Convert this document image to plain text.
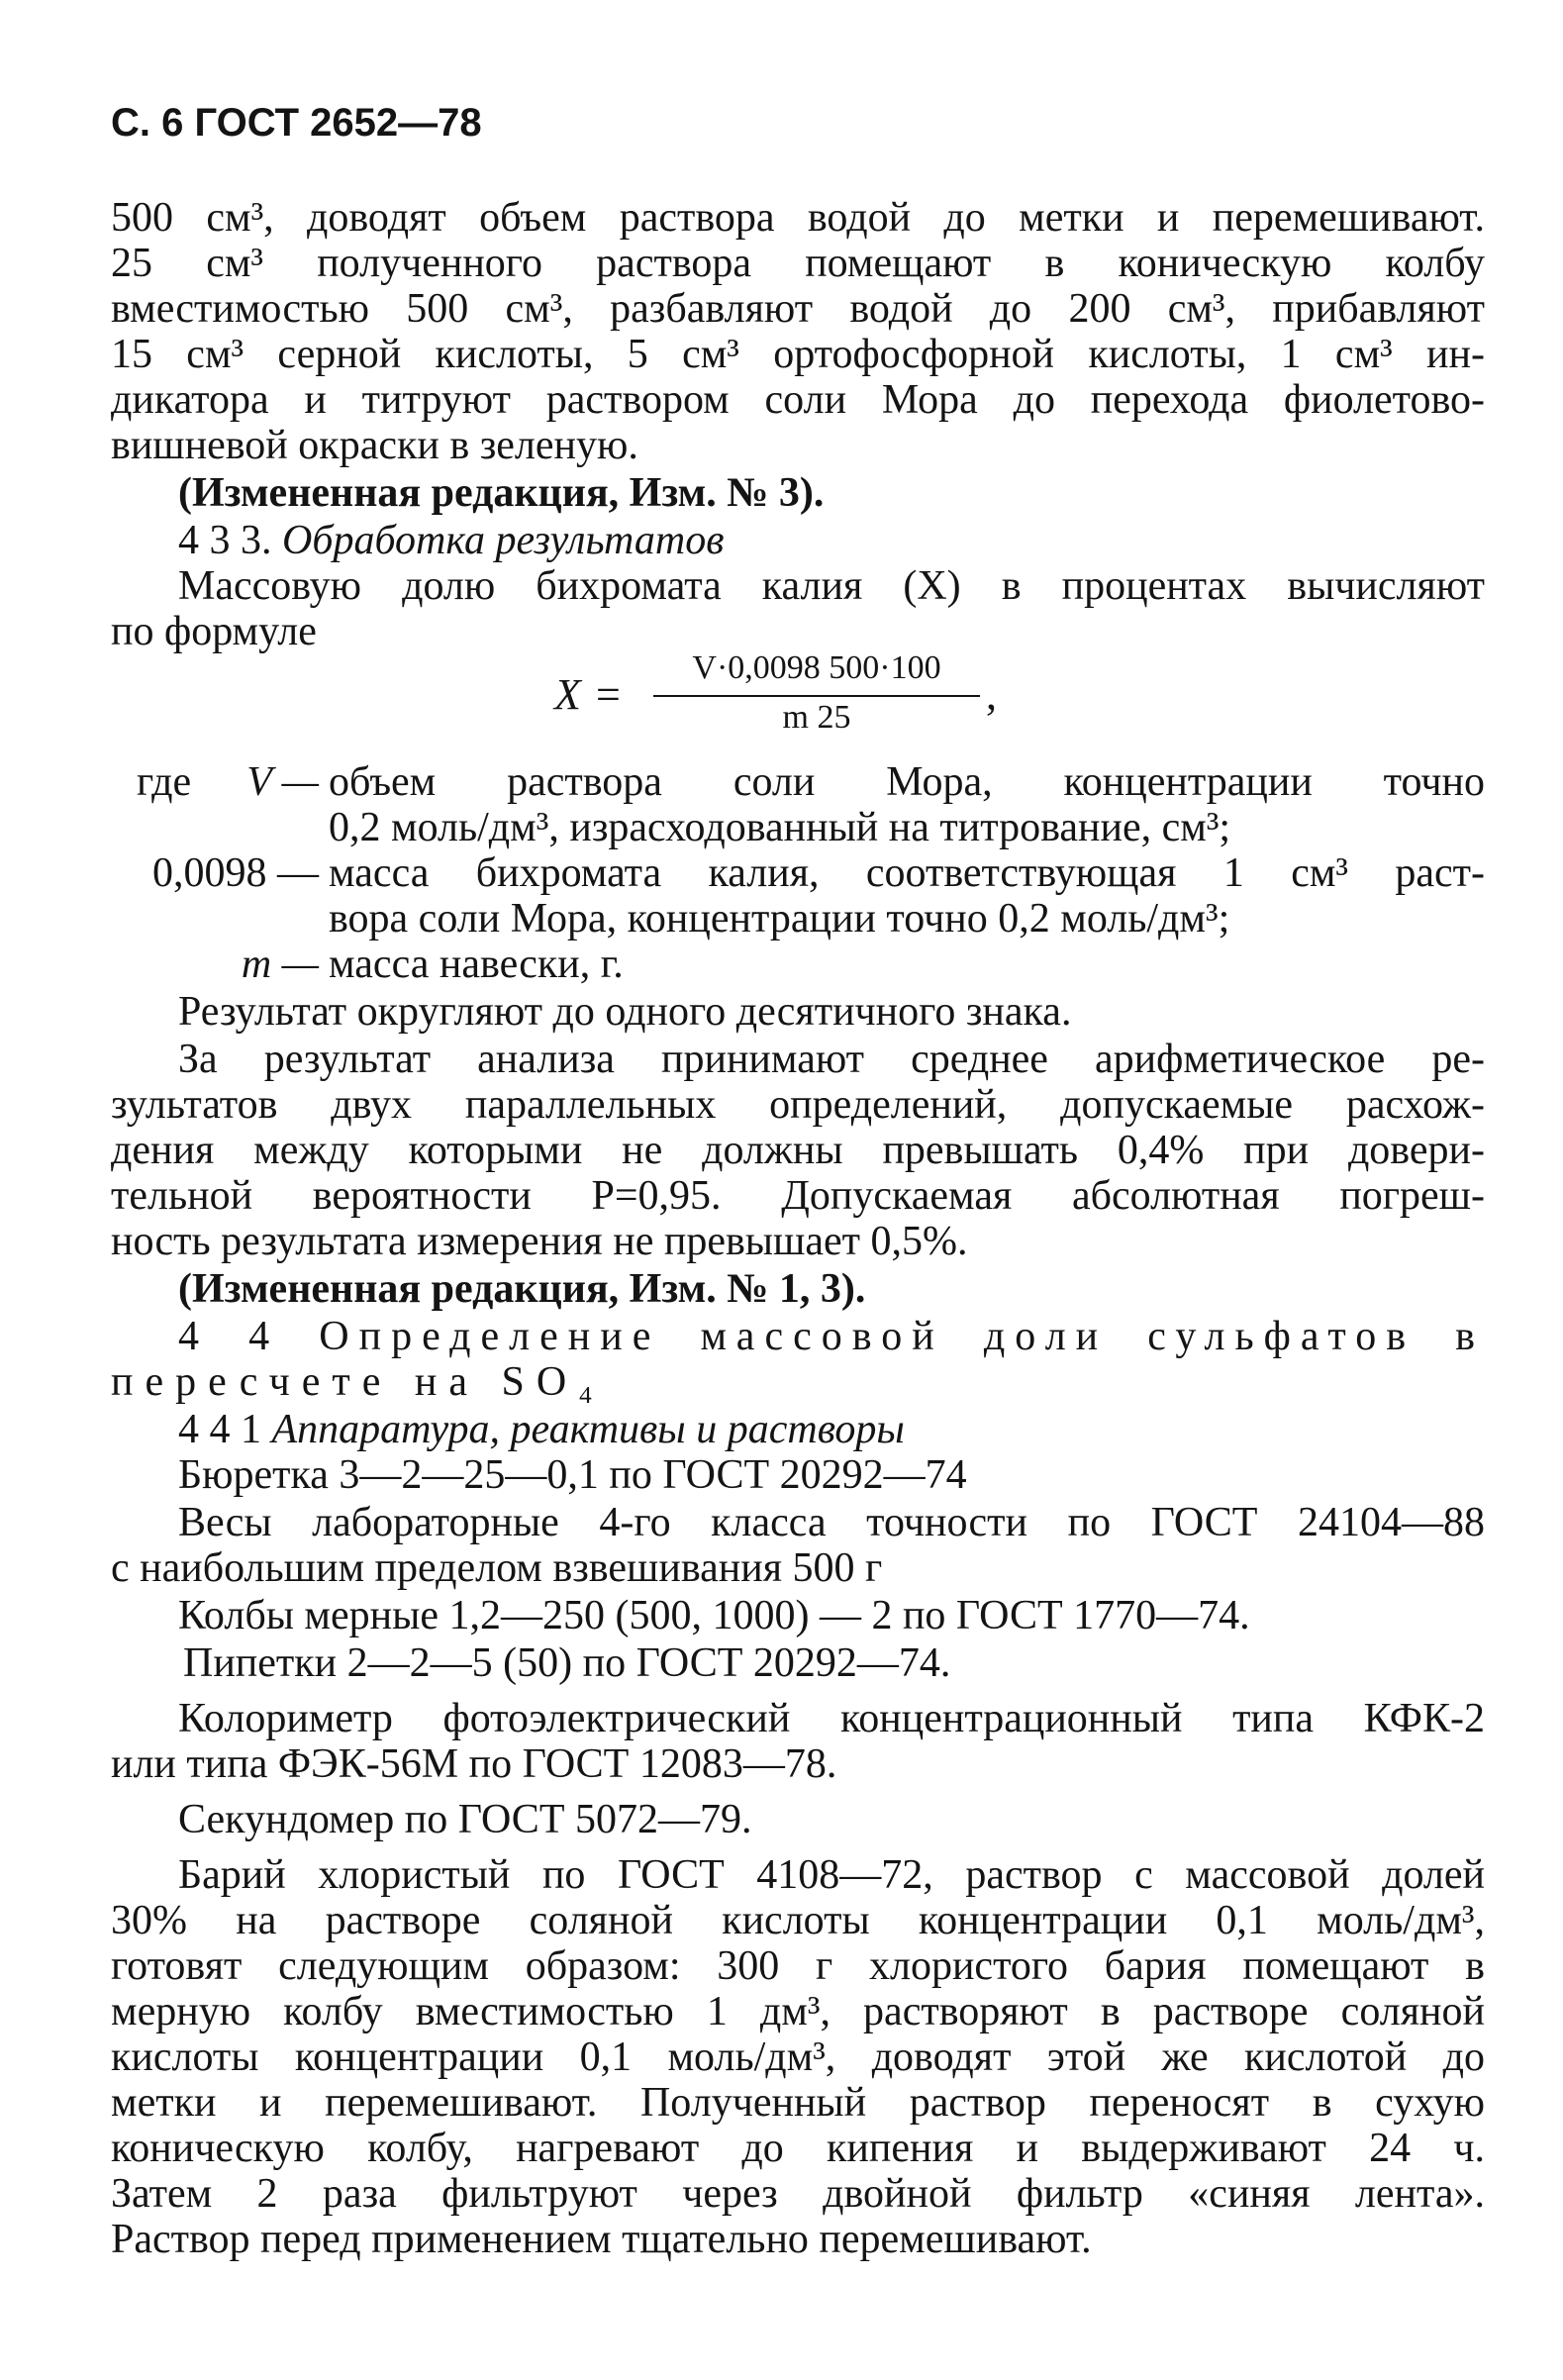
С. 6 ГОСТ 2652—78
500 см³, доводят объем раствора водой до метки и перемешивают.
25 см³ полученного раствора помещают в коническую колбу
вместимостью 500 см³, разбавляют водой до 200 см³, прибавляют
15 см³ серной кислоты, 5 см³ ортофосфорной кислоты, 1 см³ ин-
дикатора и титруют раствором соли Мора до перехода фиолетово-
вишневой окраски в зеленую.
(Измененная редакция, Изм. № 3).
4 3 3. Обработка результатов
Массовую долю бихромата калия (X) в процентах вычисляют
по формуле
X =
V·0,0098 500·100
m 25	,
где	V — объем раствора соли Мора, концентрации точно
0,2 моль/дм³, израсходованный на титрование, см³;
0,0098 — масса бихромата калия, соответствующая 1 см³ раст-
вора соли Мора, концентрации точно 0,2 моль/дм³;
m — масса навески, г.
Результат округляют до одного десятичного знака.
За результат анализа принимают среднее арифметическое ре-
зультатов двух параллельных определений, допускаемые расхож-
дения между которыми не должны превышать 0,4% при довери-
тельной вероятности P=0,95. Допускаемая абсолютная погреш-
ность результата измерения не превышает 0,5%.
(Измененная редакция, Изм. № 1, 3).
4 4 Определение массовой доли сульфатов в
пересчете на SO₄
4 4 1 Аппаратура, реактивы и растворы
Бюретка 3—2—25—0,1 по ГОСТ 20292—74
Весы лабораторные 4-го класса точности по ГОСТ 24104—88
с наибольшим пределом взвешивания 500 г
Колбы мерные 1,2—250 (500, 1000) — 2 по ГОСТ 1770—74.
Пипетки 2—2—5 (50) по ГОСТ 20292—74.
Колориметр фотоэлектрический концентрационный типа КФК-2
или типа ФЭК-56М по ГОСТ 12083—78.
Секундомер по ГОСТ 5072—79.
Барий хлористый по ГОСТ 4108—72, раствор с массовой долей
30% на растворе соляной кислоты концентрации 0,1 моль/дм³,
готовят следующим образом: 300 г хлористого бария помещают в
мерную колбу вместимостью 1 дм³, растворяют в растворе соляной
кислоты концентрации 0,1 моль/дм³, доводят этой же кислотой до
метки и перемешивают. Полученный раствор переносят в сухую
коническую колбу, нагревают до кипения и выдерживают 24 ч.
Затем 2 раза фильтруют через двойной фильтр «синяя лента».
Раствор перед применением тщательно перемешивают.
